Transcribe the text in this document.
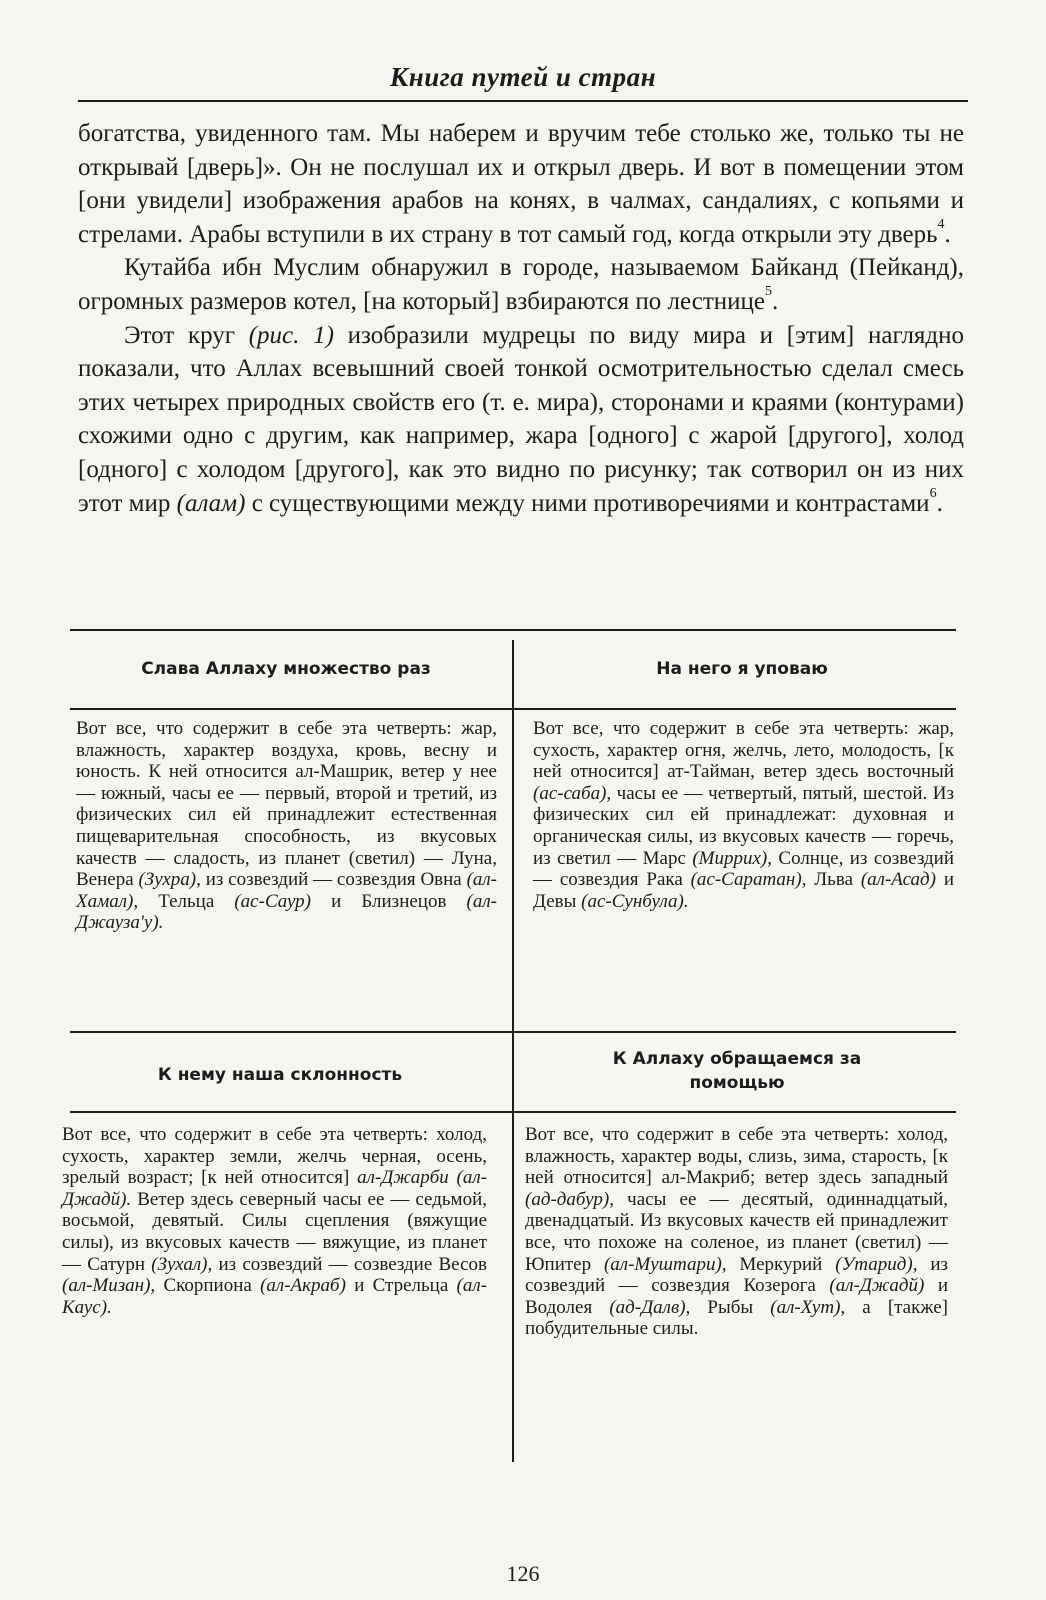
Книга путей и стран

богатства, увиденного там. Мы наберем и вручим тебе столько же, только ты не открывай [дверь]». Он не послушал их и открыл дверь. И вот в помещении этом [они увидели] изображения арабов на конях, в чалмах, сандалиях, с копьями и стрелами. Арабы вступили в их страну в тот самый год, когда открыли эту дверь$^4$.

Кутайба ибн Муслим обнаружил в городе, называемом Байканд (Пейканд), огромных размеров котел, [на который] взбираются по лестнице$^5$.

Этот круг (рис. 1) изобразили мудрецы по виду мира и [этим] наглядно показали, что Аллах всевышний своей тонкой осмотрительностью сделал смесь этих четырех природных свойств его (т. е. мира), сторонами и краями (контурами) схожими одно с другим, как например, жара [одного] с жарой [другого], холод [одного] с холодом [другого], как это видно по рисунку; так сотворил он из них этот мир (алам) с существующими между ними противоречиями и контрастами$^6$.

Слава Аллаху множество раз
Вот все, что содержит в себе эта четверть: жар, влажность, характер воздуха, кровь, весну и юность. К ней относится ал-Машрик, ветер у нее — южный, часы ее — первый, второй и третий, из физических сил ей принадлежит естественная пищеварительная способность, из вкусовых качеств — сладость, из планет (светил) — Луна, Венера (Зухра), из созвездий — созвездия Овна (ал-Хамал), Тельца (ас-Саур) и Близнецов (ал-Джауза'у).
На него я уповаю
Вот все, что содержит в себе эта четверть: жар, сухость, характер огня, желчь, лето, молодость, [к ней относится] ат-Тайман, ветер здесь восточный (ас-саба), часы ее — четвертый, пятый, шестой. Из физических сил ей принадлежат: духовная и органическая силы, из вкусовых качеств — горечь, из светил — Марс (Миррих), Солнце, из созвездий — созвездия Рака (ас-Саратан), Льва (ал-Асад) и Девы (ас-Сунбула).
К нему наша склонность
Вот все, что содержит в себе эта четверть: холод, сухость, характер земли, желчь черная, осень, зрелый возраст; [к ней относится] ал-Джарби (ал-Джадй). Ветер здесь северный часы ее — седьмой, восьмой, девятый. Силы сцепления (вяжущие силы), из вкусовых качеств — вяжущие, из планет — Сатурн (Зухал), из созвездий — созвездие Весов (ал-Мизан), Скорпиона (ал-Акраб) и Стрельца (ал-Каус).
К Аллаху обращаемся за помощью
Вот все, что содержит в себе эта четверть: холод, влажность, характер воды, слизь, зима, старость, [к ней относится] ал-Макриб; ветер здесь западный (ад-дабур), часы ее — десятый, одиннадцатый, двенадцатый. Из вкусовых качеств ей принадлежит все, что похоже на соленое, из планет (светил) — Юпитер (ал-Муштари), Меркурий (Утарид), из созвездий — созвездия Козерога (ал-Джадй) и Водолея (ад-Далв), Рыбы (ал-Хут), а [также] побудительные силы.
126
